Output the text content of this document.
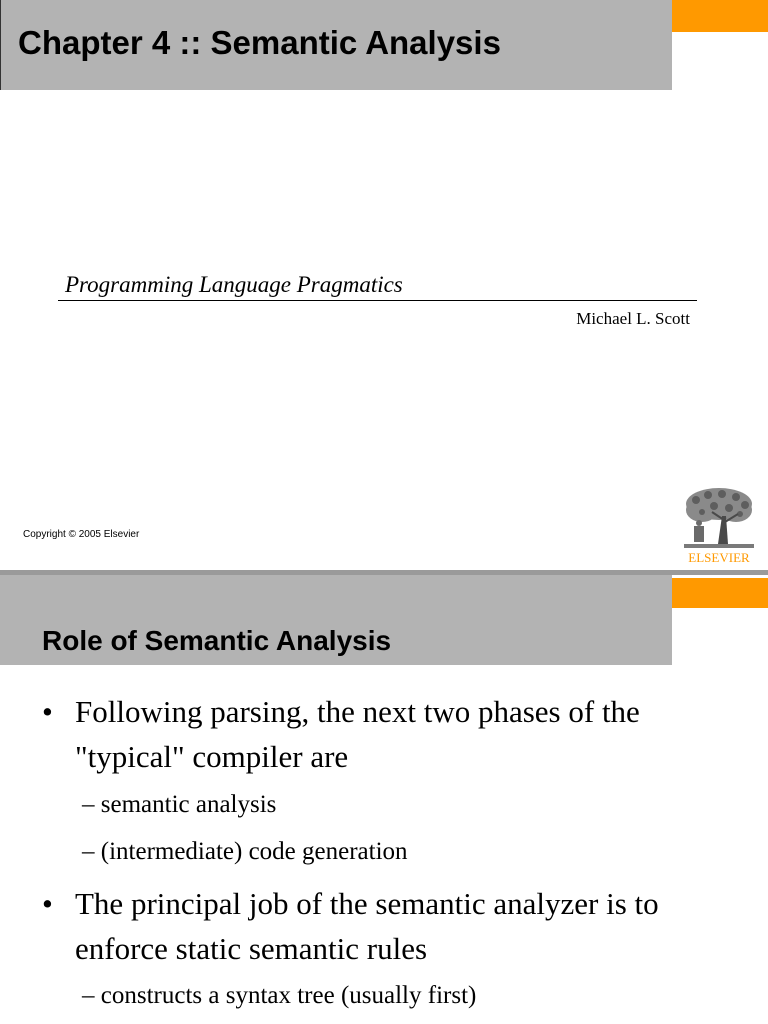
Chapter 4 :: Semantic Analysis
Programming Language Pragmatics
Michael L. Scott
Copyright © 2005 Elsevier
ELSEVIER
Role of Semantic Analysis
• Following parsing, the next two phases of the "typical" compiler are
– semantic analysis
– (intermediate) code generation
• The principal job of the semantic analyzer is to enforce static semantic rules
– constructs a syntax tree (usually first)
